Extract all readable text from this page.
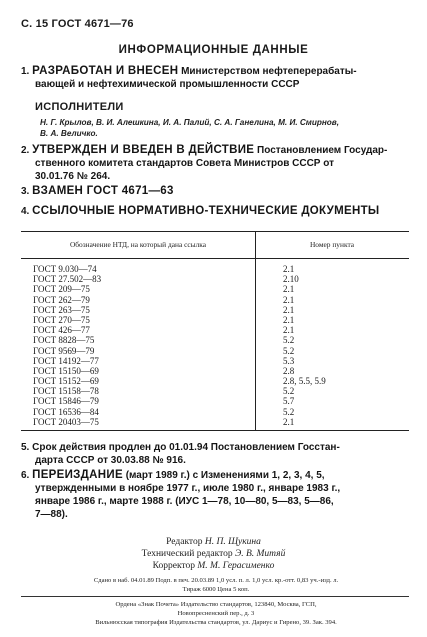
С. 15 ГОСТ 4671—76
ИНФОРМАЦИОННЫЕ ДАННЫЕ
1. РАЗРАБОТАН И ВНЕСЕН Министерством нефтеперерабаты-
вающей и нефтехимической промышленности СССР
ИСПОЛНИТЕЛИ
Н. Г. Крылов, В. И. Алешкина, И. А. Палий, С. А. Ганелина, М. И. Смирнов,
В. А. Величко.
2. УТВЕРЖДЕН И ВВЕДЕН В ДЕЙСТВИЕ Постановлением Государ-
ственного комитета стандартов Совета Министров СССР от
30.01.76 № 264.
3. ВЗАМЕН ГОСТ 4671—63
4. ССЫЛОЧНЫЕ НОРМАТИВНО-ТЕХНИЧЕСКИЕ ДОКУМЕНТЫ
Обозначение НТД, на который дана ссылка	Номер пункта
ГОСТ 9.030—74
ГОСТ 27.502—83
ГОСТ 209—75
ГОСТ 262—79
ГОСТ 263—75
ГОСТ 270—75
ГОСТ 426—77
ГОСТ 8828—75
ГОСТ 9569—79
ГОСТ 14192—77
ГОСТ 15150—69
ГОСТ 15152—69
ГОСТ 15158—78
ГОСТ 15846—79
ГОСТ 16536—84
ГОСТ 20403—75
2.1
2.10
2.1
2.1
2.1
2.1
2.1
5.2
5.2
5.3
2.8
2.8, 5.5, 5.9
5.2
5.7
5.2
2.1
5. Срок действия продлен до 01.01.94 Постановлением Госстан-
дарта СССР от 30.03.88 № 916.
6. ПЕРЕИЗДАНИЕ (март 1989 г.) с Изменениями 1, 2, 3, 4, 5,
утвержденными в ноябре 1977 г., июле 1980 г., январе 1983 г.,
январе 1986 г., марте 1988 г. (ИУС 1—78, 10—80, 5—83, 5—86,
7—88).
Редактор Н. П. Щукина
Технический редактор Э. В. Митяй
Корректор М. М. Герасименко
Сдано в наб. 04.01.89 Подп. в печ. 20.03.89 1,0 усл. п. л. 1,0 усл. кр.-отт. 0,83 уч.-изд. л.
Тираж 6000 Цена 5 коп.
Ордена «Знак Почета» Издательство стандартов, 123840, Москва, ГСП,
Новопресненский пер., д. 3
Вильнюсская типография Издательства стандартов, ул. Дариус и Гирено, 39. Зак. 394.
